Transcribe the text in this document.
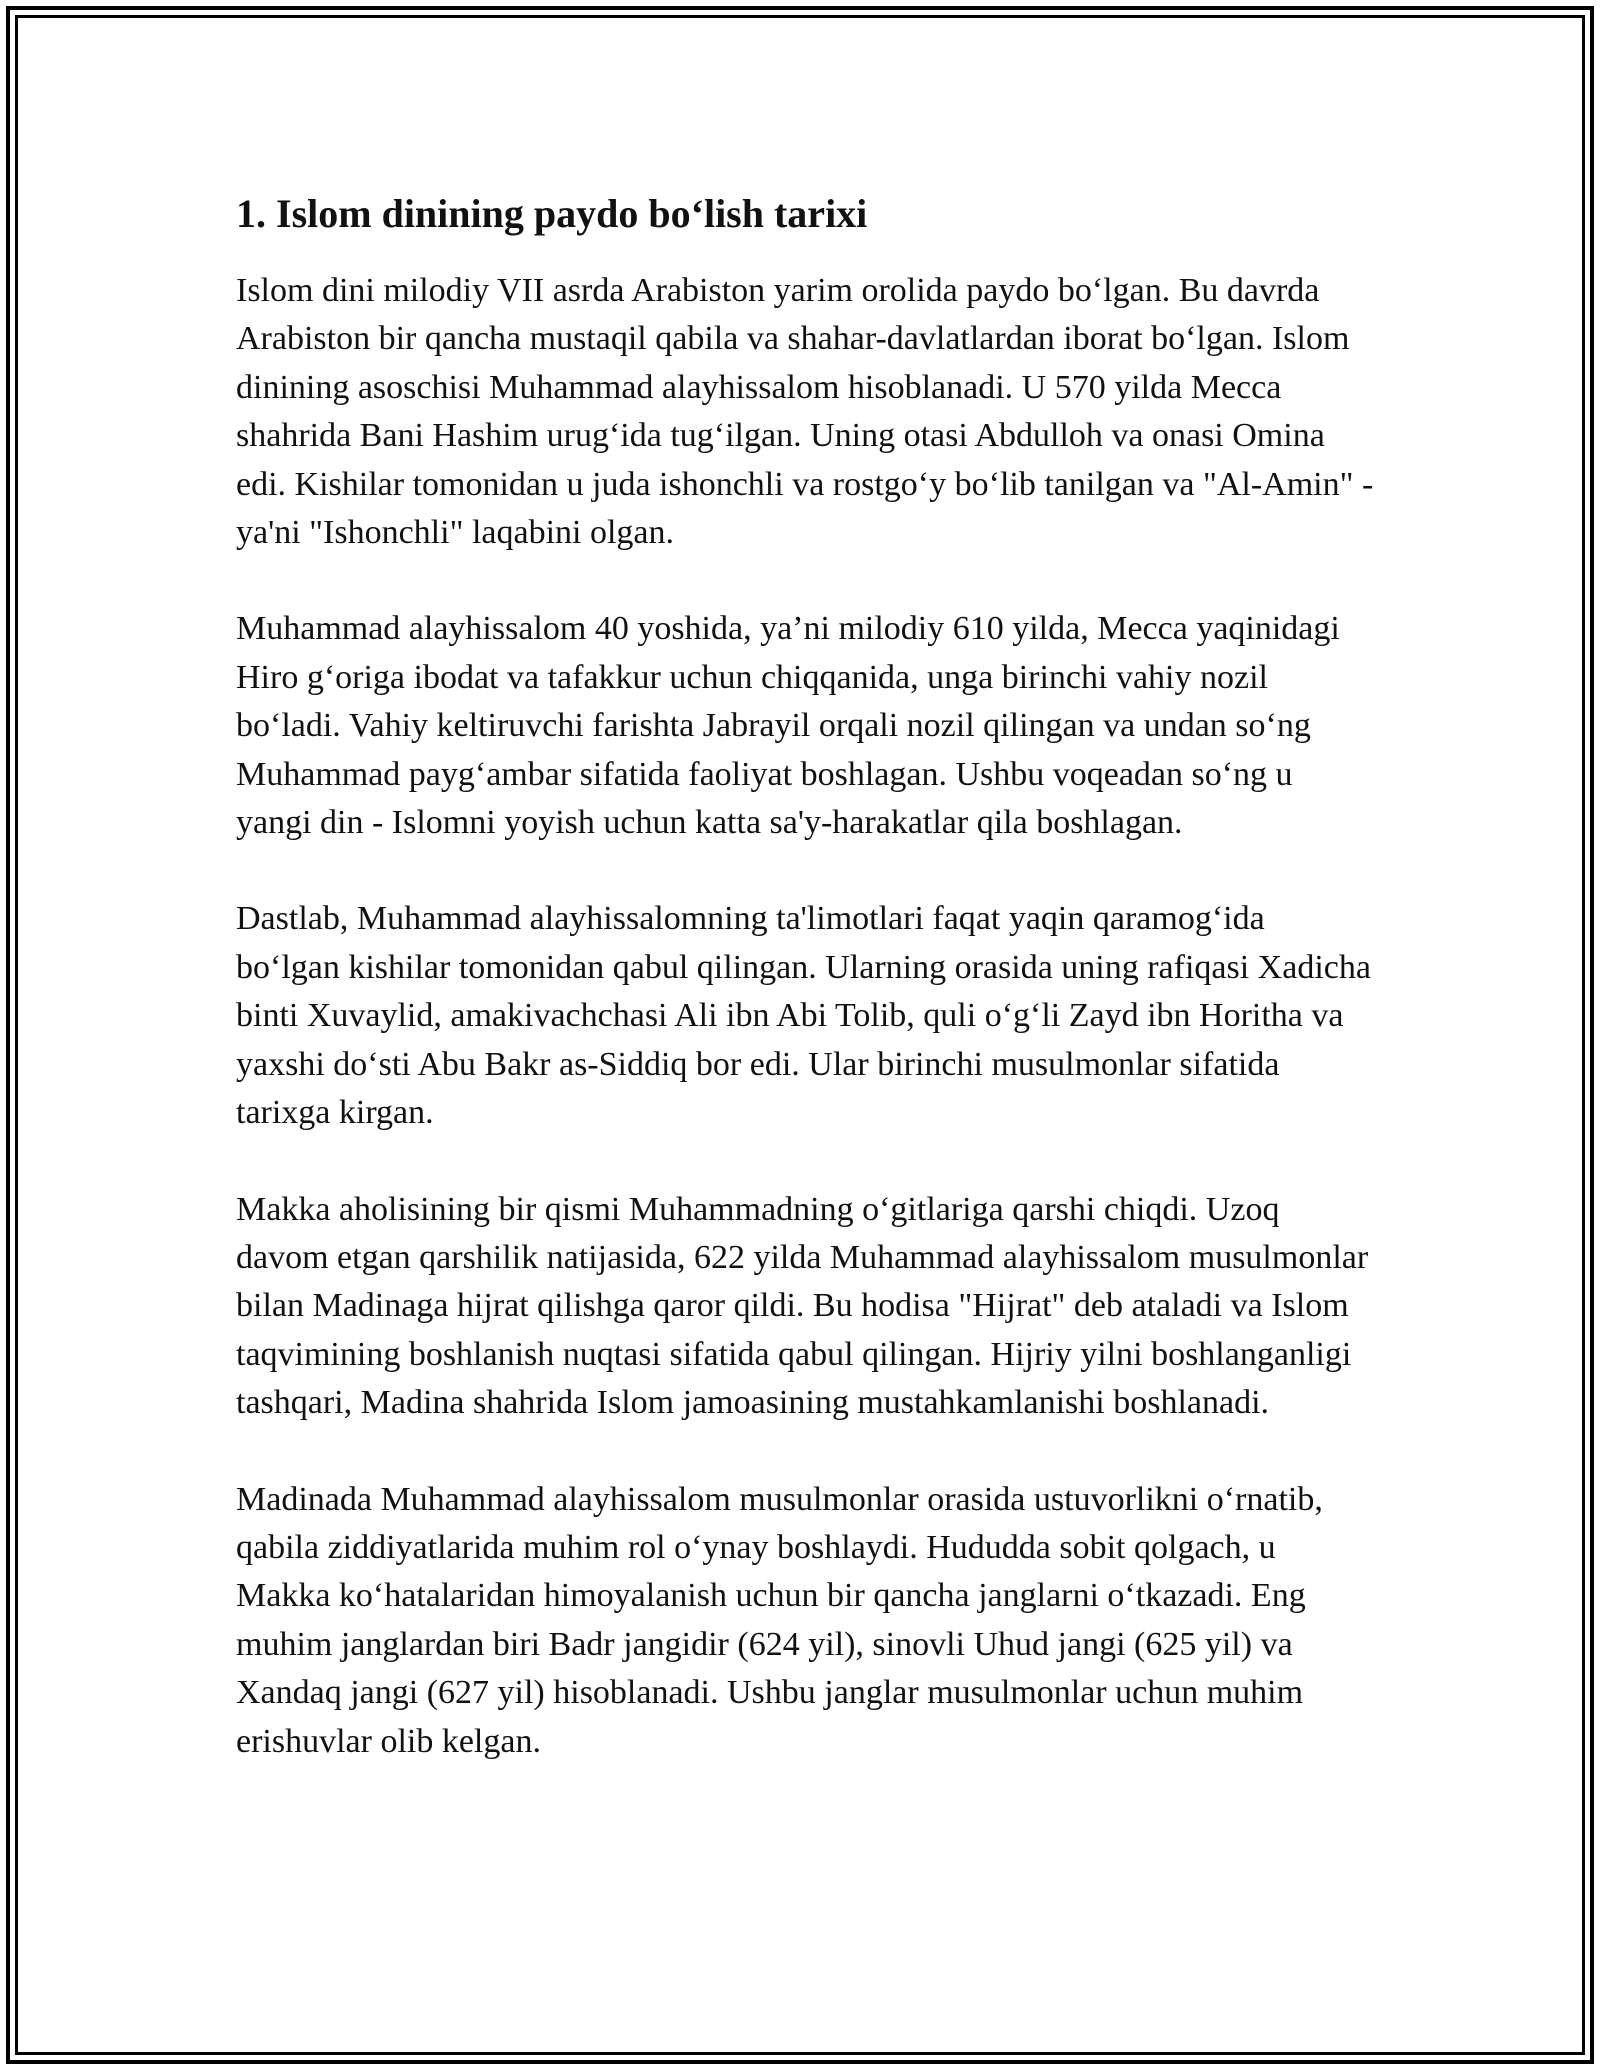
1. Islom dinining paydo bo‘lish tarixi

Islom dini milodiy VII asrda Arabiston yarim orolida paydo bo‘lgan. Bu davrda Arabiston bir qancha mustaqil qabila va shahar-davlatlardan iborat bo‘lgan. Islom dinining asoschisi Muhammad alayhissalom hisoblanadi. U 570 yilda Mecca shahrida Bani Hashim urug‘ida tug‘ilgan. Uning otasi Abdulloh va onasi Omina edi. Kishilar tomonidan u juda ishonchli va rostgo‘y bo‘lib tanilgan va "Al-Amin" - ya'ni "Ishonchli" laqabini olgan.

Muhammad alayhissalom 40 yoshida, ya’ni milodiy 610 yilda, Mecca yaqinidagi Hiro g‘origa ibodat va tafakkur uchun chiqqanida, unga birinchi vahiy nozil bo‘ladi. Vahiy keltiruvchi farishta Jabrayil orqali nozil qilingan va undan so‘ng Muhammad payg‘ambar sifatida faoliyat boshlagan. Ushbu voqeadan so‘ng u yangi din - Islomni yoyish uchun katta sa'y-harakatlar qila boshlagan.

Dastlab, Muhammad alayhissalomning ta'limotlari faqat yaqin qaramog‘ida bo‘lgan kishilar tomonidan qabul qilingan. Ularning orasida uning rafiqasi Xadicha binti Xuvaylid, amakivachchasi Ali ibn Abi Tolib, quli o‘g‘li Zayd ibn Horitha va yaxshi do‘sti Abu Bakr as-Siddiq bor edi. Ular birinchi musulmonlar sifatida tarixga kirgan.

Makka aholisining bir qismi Muhammadning o‘gitlariga qarshi chiqdi. Uzoq davom etgan qarshilik natijasida, 622 yilda Muhammad alayhissalom musulmonlar bilan Madinaga hijrat qilishga qaror qildi. Bu hodisa "Hijrat" deb ataladi va Islom taqvimining boshlanish nuqtasi sifatida qabul qilingan. Hijriy yilni boshlanganligi tashqari, Madina shahrida Islom jamoasining mustahkamlanishi boshlanadi.

Madinada Muhammad alayhissalom musulmonlar orasida ustuvorlikni o‘rnatib, qabila ziddiyatlarida muhim rol o‘ynay boshlaydi. Hududda sobit qolgach, u Makka ko‘hatalaridan himoyalanish uchun bir qancha janglarni o‘tkazadi. Eng muhim janglardan biri Badr jangidir (624 yil), sinovli Uhud jangi (625 yil) va Xandaq jangi (627 yil) hisoblanadi. Ushbu janglar musulmonlar uchun muhim erishuvlar olib kelgan.
